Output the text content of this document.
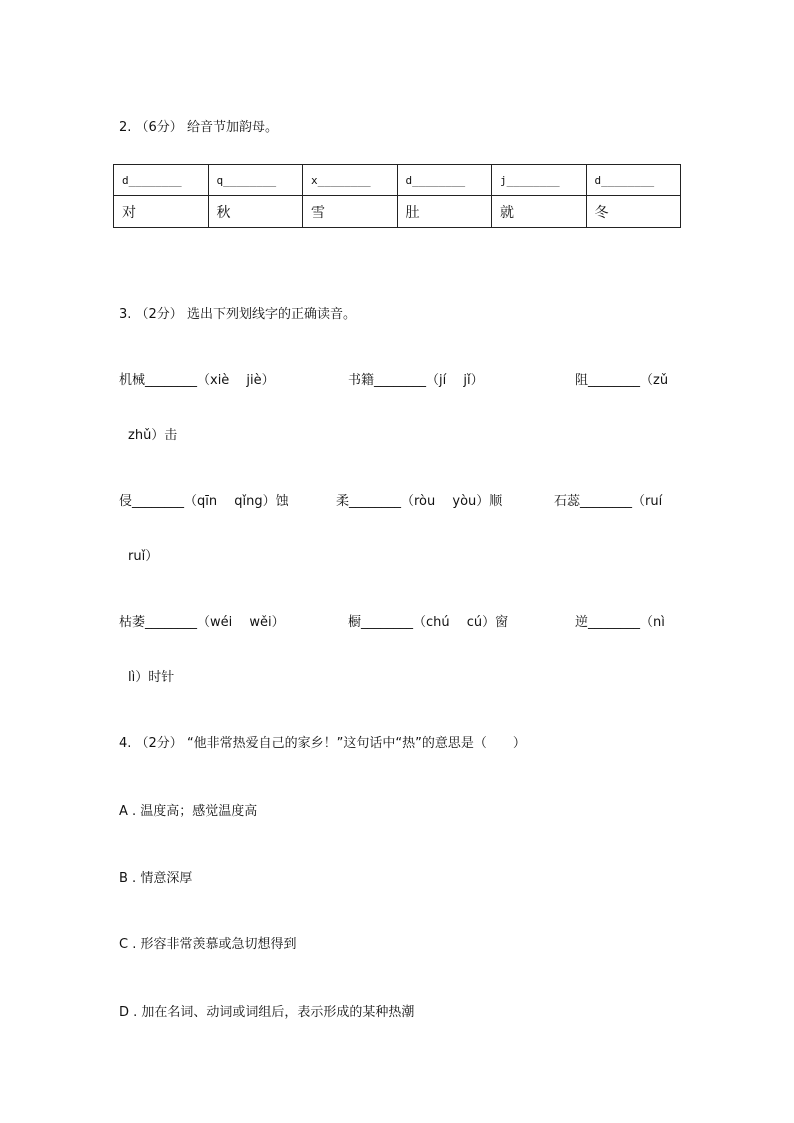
2. （6分） 给音节加韵母。
d________	q________	x________	d________	j________	d________
对	秋	雪	肚	就	冬
3. （2分） 选出下列划线字的正确读音。
机械________（xiè　 jiè）	书籍________（jí　 jǐ）	阻________（zǔ
zhǔ）击
侵________（qīn　 qǐng）蚀	柔________（ròu　 yòu）顺	石蕊________（ruí
ruǐ）
枯萎________（wéi　 wěi）	橱________（chú　 cú）窗	逆________（nì
lì）时针
4. （2分） “他非常热爱自己的家乡！”这句话中“热”的意思是（　　）
A . 温度高；感觉温度高
B . 情意深厚
C . 形容非常羡慕或急切想得到
D . 加在名词、动词或词组后，表示形成的某种热潮
